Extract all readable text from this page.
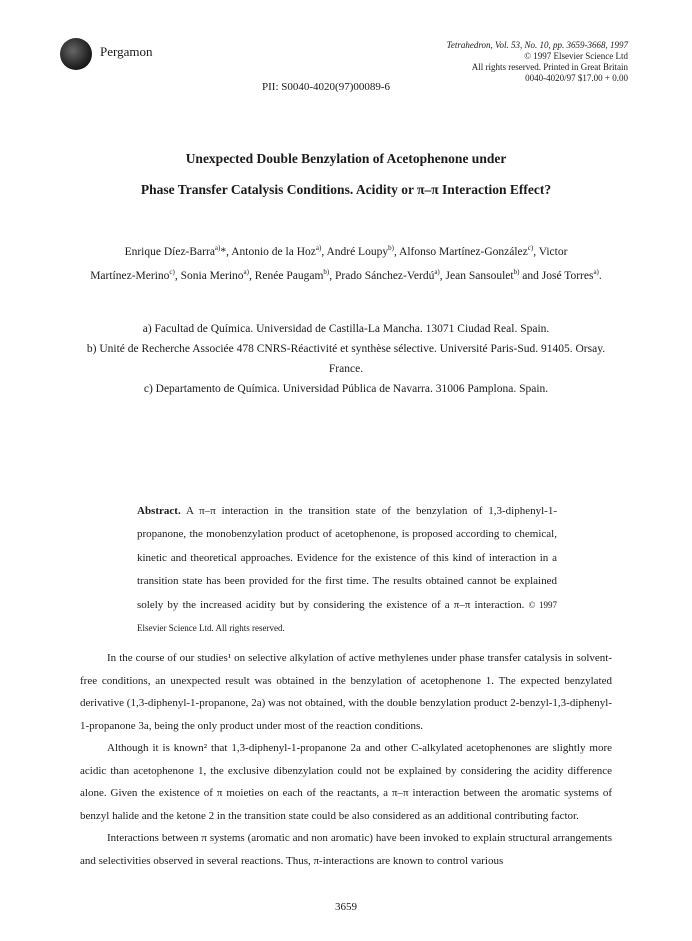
Pergamon	Tetrahedron, Vol. 53, No. 10, pp. 3659-3668, 1997
© 1997 Elsevier Science Ltd
All rights reserved. Printed in Great Britain
0040-4020/97 $17.00 + 0.00
PII: S0040-4020(97)00089-6
Unexpected Double Benzylation of Acetophenone under
Phase Transfer Catalysis Conditions. Acidity or π–π Interaction Effect?
Enrique Díez-Barra$^{a)}$*, Antonio de la Hoz$^{a)}$, André Loupy$^{b)}$, Alfonso Martínez-González$^{c)}$, Victor
Martínez-Merino$^{c)}$, Sonia Merino$^{a)}$, Renée Paugam$^{b)}$, Prado Sánchez-Verdú$^{a)}$, Jean Sansoulet$^{b)}$ and José Torres$^{a)}$.
a) Facultad de Química. Universidad de Castilla-La Mancha. 13071 Ciudad Real. Spain.
b) Unité de Recherche Associée 478 CNRS-Réactivité et synthèse sélective. Université Paris-Sud. 91405. Orsay.
France.
c) Departamento de Química. Universidad Pública de Navarra. 31006 Pamplona. Spain.
Abstract. A π–π interaction in the transition state of the benzylation of 1,3-diphenyl-1-propanone, the monobenzylation product of acetophenone, is proposed according to chemical, kinetic and theoretical approaches. Evidence for the existence of this kind of interaction in a transition state has been provided for the first time. The results obtained cannot be explained solely by the increased acidity but by considering the existence of a π–π interaction. © 1997 Elsevier Science Ltd. All rights reserved.

In the course of our studies¹ on selective alkylation of active methylenes under phase transfer catalysis in solvent-free conditions, an unexpected result was obtained in the benzylation of acetophenone 1. The expected benzylated derivative (1,3-diphenyl-1-propanone, 2a) was not obtained, with the double benzylation product 2-benzyl-1,3-diphenyl-1-propanone 3a, being the only product under most of the reaction conditions.

Although it is known² that 1,3-diphenyl-1-propanone 2a and other C-alkylated acetophenones are slightly more acidic than acetophenone 1, the exclusive dibenzylation could not be explained by considering the acidity difference alone. Given the existence of π moieties on each of the reactants, a π–π interaction between the aromatic systems of benzyl halide and the ketone 2 in the transition state could be also considered as an additional contributing factor.

Interactions between π systems (aromatic and non aromatic) have been invoked to explain structural arrangements and selectivities observed in several reactions. Thus, π-interactions are known to control various

3659
